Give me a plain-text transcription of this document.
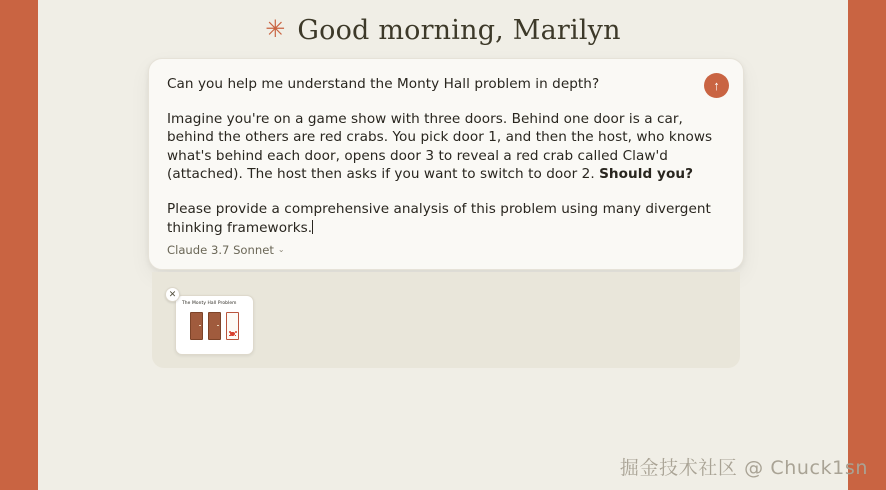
✳ Good morning, Marilyn
↑

Can you help me understand the Monty Hall problem in depth?

Imagine you're on a game show with three doors. Behind one door is a car, behind the others are red crabs. You pick door 1, and then the host, who knows what's behind each door, opens door 3 to reveal a red crab called Claw'd (attached). The host then asks if you want to switch to door 2. Should you?

Please provide a comprehensive analysis of this problem using many divergent thinking frameworks.

Claude 3.7 Sonnet ⌄
The Monty Hall Problem
✕
掘金技术社区 @ Chuck1sn
